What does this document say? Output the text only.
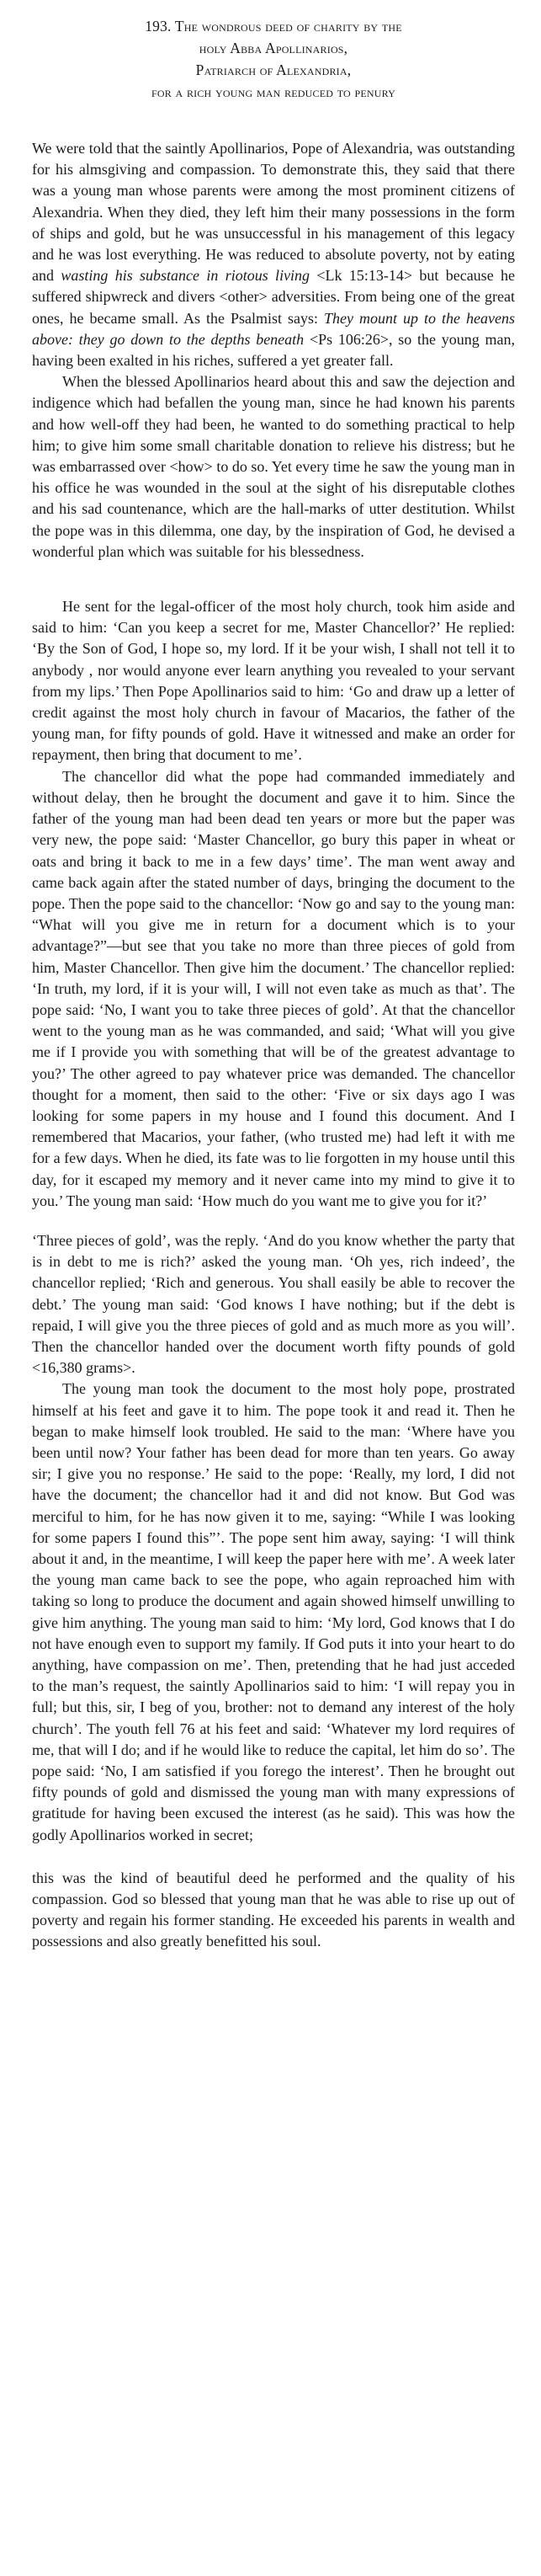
193. The wondrous deed of charity by the
holy Abba Apollinarios,
Patriarch of Alexandria,
for a rich young man reduced to penury

We were told that the saintly Apollinarios, Pope of Alexandria, was outstanding for his almsgiving and compassion. To demonstrate this, they said that there was a young man whose parents were among the most prominent citizens of Alexandria. When they died, they left him their many possessions in the form of ships and gold, but he was unsuccessful in his management of this legacy and he was lost everything. He was reduced to absolute poverty, not by eating and wasting his substance in riotous living <Lk 15:13-14> but because he suffered shipwreck and divers <other> adversities. From being one of the great ones, he became small. As the Psalmist says: They mount up to the heavens above: they go down to the depths beneath <Ps 106:26>, so the young man, having been exalted in his riches, suffered a yet greater fall.

When the blessed Apollinarios heard about this and saw the dejection and indigence which had befallen the young man, since he had known his parents and how well-off they had been, he wanted to do something practical to help him; to give him some small charitable donation to relieve his distress; but he was embarrassed over <how> to do so. Yet every time he saw the young man in his office he was wounded in the soul at the sight of his disreputable clothes and his sad countenance, which are the hall-marks of utter destitution. Whilst the pope was in this dilemma, one day, by the inspiration of God, he devised a wonderful plan which was suitable for his blessedness.

He sent for the legal-officer of the most holy church, took him aside and said to him: ‘Can you keep a secret for me, Master Chancellor?’ He replied: ‘By the Son of God, I hope so, my lord. If it be your wish, I shall not tell it to anybody , nor would anyone ever learn anything you revealed to your servant from my lips.’ Then Pope Apollinarios said to him: ‘Go and draw up a letter of credit against the most holy church in favour of Macarios, the father of the young man, for fifty pounds of gold. Have it witnessed and make an order for repayment, then bring that document to me’.

The chancellor did what the pope had commanded immediately and without delay, then he brought the document and gave it to him. Since the father of the young man had been dead ten years or more but the paper was very new, the pope said: ‘Master Chancellor, go bury this paper in wheat or oats and bring it back to me in a few days’ time’. The man went away and came back again after the stated number of days, bringing the document to the pope. Then the pope said to the chancellor: ‘Now go and say to the young man: “What will you give me in return for a document which is to your advantage?”—but see that you take no more than three pieces of gold from him, Master Chancellor. Then give him the document.’ The chancellor replied: ‘In truth, my lord, if it is your will, I will not even take as much as that’. The pope said: ‘No, I want you to take three pieces of gold’. At that the chancellor went to the young man as he was commanded, and said; ‘What will you give me if I provide you with something that will be of the greatest advantage to you?’ The other agreed to pay whatever price was demanded. The chancellor thought for a moment, then said to the other: ‘Five or six days ago I was looking for some papers in my house and I found this document. And I remembered that Macarios, your father, (who trusted me) had left it with me for a few days. When he died, its fate was to lie forgotten in my house until this day, for it escaped my memory and it never came into my mind to give it to you.’ The young man said: ‘How much do you want me to give you for it?’

‘Three pieces of gold’, was the reply. ‘And do you know whether the party that is in debt to me is rich?’ asked the young man. ‘Oh yes, rich indeed’, the chancellor replied; ‘Rich and generous. You shall easily be able to recover the debt.’ The young man said: ‘God knows I have nothing; but if the debt is repaid, I will give you the three pieces of gold and as much more as you will’. Then the chancellor handed over the document worth fifty pounds of gold <16,380 grams>.

The young man took the document to the most holy pope, prostrated himself at his feet and gave it to him. The pope took it and read it. Then he began to make himself look troubled. He said to the man: ‘Where have you been until now? Your father has been dead for more than ten years. Go away sir; I give you no response.’ He said to the pope: ‘Really, my lord, I did not have the document; the chancellor had it and did not know. But God was merciful to him, for he has now given it to me, saying: “While I was looking for some papers I found this”’. The pope sent him away, saying: ‘I will think about it and, in the meantime, I will keep the paper here with me’. A week later the young man came back to see the pope, who again reproached him with taking so long to produce the document and again showed himself unwilling to give him anything. The young man said to him: ‘My lord, God knows that I do not have enough even to support my family. If God puts it into your heart to do anything, have compassion on me’. Then, pretending that he had just acceded to the man’s request, the saintly Apollinarios said to him: ‘I will repay you in full; but this, sir, I beg of you, brother: not to demand any interest of the holy church’. The youth fell 76 at his feet and said: ‘Whatever my lord requires of me, that will I do; and if he would like to reduce the capital, let him do so’. The pope said: ‘No, I am satisfied if you forego the interest’. Then he brought out fifty pounds of gold and dismissed the young man with many expressions of gratitude for having been excused the interest (as he said). This was how the godly Apollinarios worked in secret;

this was the kind of beautiful deed he performed and the quality of his compassion. God so blessed that young man that he was able to rise up out of poverty and regain his former standing. He exceeded his parents in wealth and possessions and also greatly benefitted his soul.
